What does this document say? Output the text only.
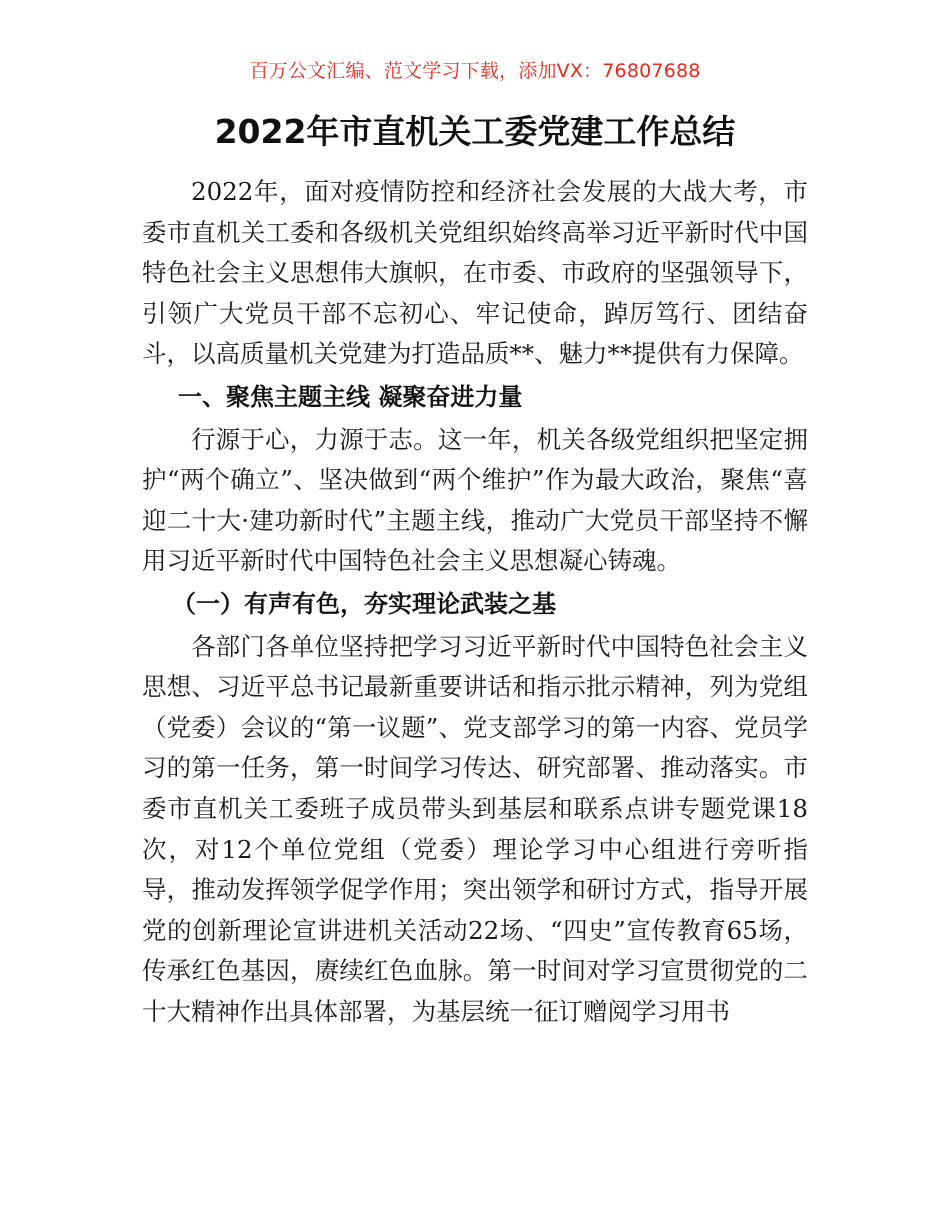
百万公文汇编、范文学习下载，添加VX：76807688
2022年市直机关工委党建工作总结

2022年，面对疫情防控和经济社会发展的大战大考，市委市直机关工委和各级机关党组织始终高举习近平新时代中国特色社会主义思想伟大旗帜，在市委、市政府的坚强领导下，引领广大党员干部不忘初心、牢记使命，踔厉笃行、团结奋斗，以高质量机关党建为打造品质**、魅力**提供有力保障。

一、聚焦主题主线 凝聚奋进力量

行源于心，力源于志。这一年，机关各级党组织把坚定拥护“两个确立”、坚决做到“两个维护”作为最大政治，聚焦“喜迎二十大·建功新时代”主题主线，推动广大党员干部坚持不懈用习近平新时代中国特色社会主义思想凝心铸魂。

（一）有声有色，夯实理论武装之基

各部门各单位坚持把学习习近平新时代中国特色社会主义思想、习近平总书记最新重要讲话和指示批示精神，列为党组（党委）会议的“第一议题”、党支部学习的第一内容、党员学习的第一任务，第一时间学习传达、研究部署、推动落实。市委市直机关工委班子成员带头到基层和联系点讲专题党课18次，对12个单位党组（党委）理论学习中心组进行旁听指导，推动发挥领学促学作用；突出领学和研讨方式，指导开展党的创新理论宣讲进机关活动22场、“四史”宣传教育65场，传承红色基因，赓续红色血脉。第一时间对学习宣贯彻党的二十大精神作出具体部署，为基层统一征订赠阅学习用书
